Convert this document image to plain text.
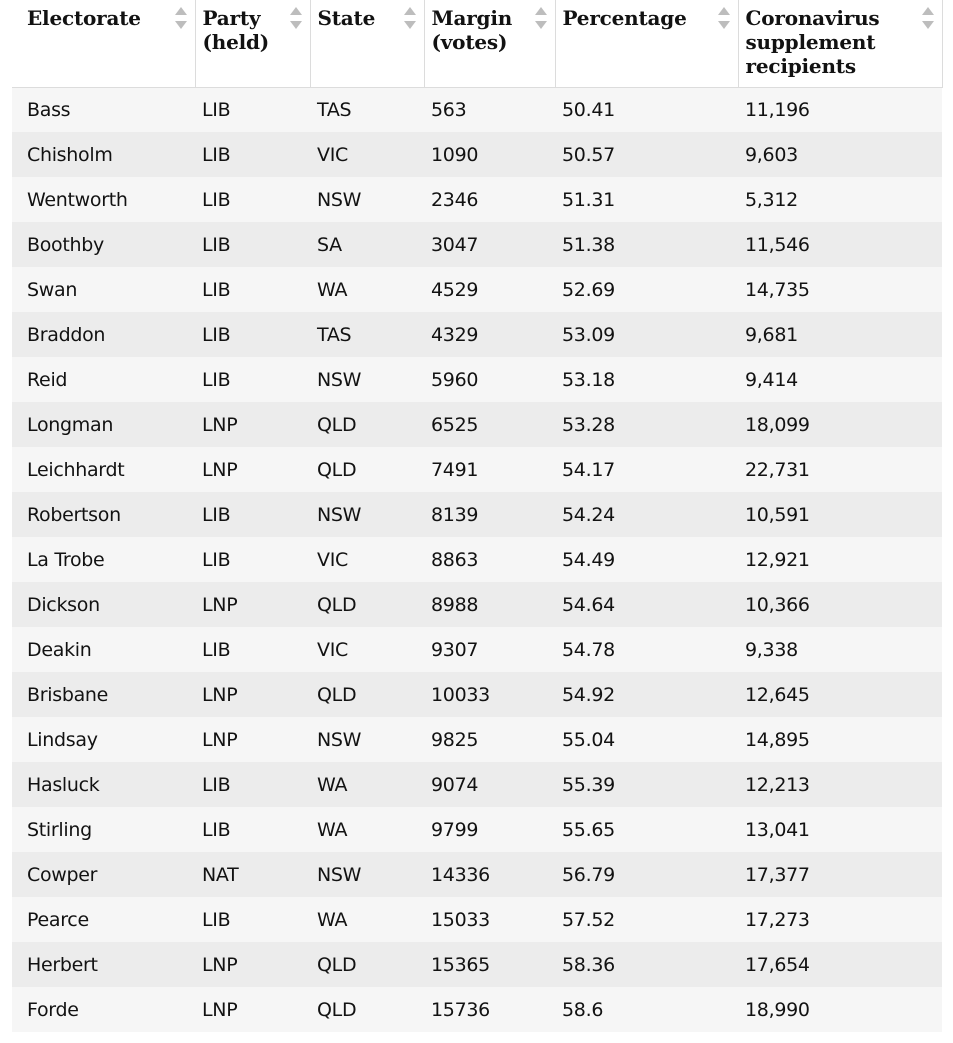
Electorate	Party (held)	State	Margin (votes)	Percentage	Coronavirus supplement recipients

Bass	LIB	TAS	563	50.41	11,196
Chisholm	LIB	VIC	1090	50.57	9,603
Wentworth	LIB	NSW	2346	51.31	5,312
Boothby	LIB	SA	3047	51.38	11,546
Swan	LIB	WA	4529	52.69	14,735
Braddon	LIB	TAS	4329	53.09	9,681
Reid	LIB	NSW	5960	53.18	9,414
Longman	LNP	QLD	6525	53.28	18,099
Leichhardt	LNP	QLD	7491	54.17	22,731
Robertson	LIB	NSW	8139	54.24	10,591
La Trobe	LIB	VIC	8863	54.49	12,921
Dickson	LNP	QLD	8988	54.64	10,366
Deakin	LIB	VIC	9307	54.78	9,338
Brisbane	LNP	QLD	10033	54.92	12,645
Lindsay	LNP	NSW	9825	55.04	14,895
Hasluck	LIB	WA	9074	55.39	12,213
Stirling	LIB	WA	9799	55.65	13,041
Cowper	NAT	NSW	14336	56.79	17,377
Pearce	LIB	WA	15033	57.52	17,273
Herbert	LNP	QLD	15365	58.36	17,654
Forde	LNP	QLD	15736	58.6	18,990
